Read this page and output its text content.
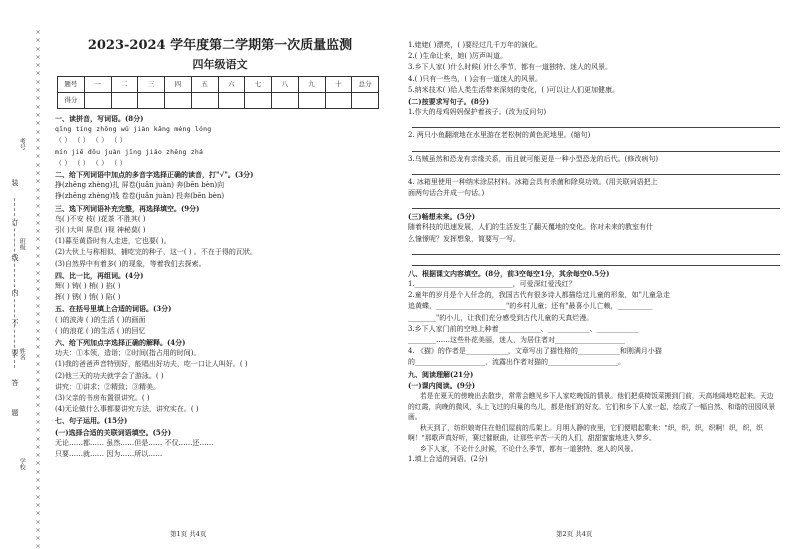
×××××××××××××××××××××××××××××××××××××××××××××××××××××××××××××××
装
订
线
内
不
要
答
题
考号
班级
姓名
学校
2023-2024 学年度第二学期第一次质量监测
四年级语文
题号	一	二	三	四	五	六	七	八	九	十	总分
得分											
一、读拼音，写词语。(8分)
qīng tíng zhōng wǔ jiàn kāng méng lóng
（ ） （ ） （ ） （ ）
mín jiē dǒu juàn jīng jiǎo zhēng zhá
（ ） （ ） （ ） （ ）
二、给下列词语中加点的多音字选择正确的读音，打"√"。(3分)
挣(zhēng zhèng)扎 屏卷(juǎn juàn) 奔(bēn bèn)向
挣(zhēng zhèng)钱 卷卷(juǎn juàn) 投奔(bēn bèn)
三、选下列词语补充完整，再选择填空。(9分)
鸟( )不安 枝( )花茶 不胜其( )
引( )大叫 屏息( )视 神秘莫( )
(1)暮至黄昏时有人走进，它也要( )。
(2)大伙上与称相似，捕吃完的种子，这一( ) 。不在于得的瓦狀。
(3)自然界中有着多( )的现象，等着我们去探索。
四、比一比，再组词。(4分)
辉( ) 铸( ) 梢( ) 掐( )
挥( ) 锈( ) 悄( ) 陷( )
五、在括号里填上合适的词语。(3分)
( )的波涛 ( )的生活 ( )的画面
( )的浪花 ( )的生活 ( )的回忆
六、给下列加点字选择正确的解释。(4分)
功夫：①本领，造诣；②时间(指占用的时间)。
(1)我的爸爸声音特别好，能唱出好功夫，吃一口让人叫好。( )
(2)他三天的功夫就学会了游泳。( )
讲究：①讲求；②精致；③精美。
(3)父亲的书房布置很讲究。( )
(4)无论做什么事都要讲究方法，讲究实在。( )
七、句子运用。(15分)
(一)选择合适的关联词语填空。(5分)
无论……都…… 虽然……但是…… 不仅……还……
只要……就…… 因为……所以……
第1页 共4页
1.姥姥( )漂亮，( )要经过几千万年的演化。
2.( )生命让来，她( )厉声叫道。
3.乡下人家( )什么时候( )什么季节，都有一道独特、迷人的风景。
4.( )只有一些鸟，( )会有一道迷人的风景。
5.纳米技术( )给人类生活带来深刻的变化，( )可以让人们更加健康。
(二)按要求写句子。(8分)
1.作大的母鸡妈妈保护着孩子。(改为反问句)
2. 两只小鱼翻滚地在水里游在老松树的黄色泥地里。(缩句)
3.乌贼虽然和恐龙有亲缘关系，而且就可能更是一种小型恐龙的后代。(修改病句)
4. 冰箱里使用一种纳米涂层材料。冰箱会具有杀菌和除臭功效。(用关联词语把上
面两句话合并成一句话。)
(三)畅想未来。(5分)
随着科技的迅速发展，人们的生活发生了翻天覆地的变化。你对未来的教室有什
么憧憬呢？发挥想象，简要写一写。
八、根据课文内容填空。(8分，前3空每空1分，其余每空0.5分)
1.____________________________，可爱深红爱浅红？
2.童年的岁月是个人仟念的，我国古代有很多诗人都描绘过儿童的形象，如"儿童急走
追黄蝶，____________________"的乡村儿童；还有"最喜小儿亡赖，__________
________"的小儿，让我们充分感受到古代儿童的天真烂漫。
3.乡下人家门前的空地上种着____________、____________、____________
________……这些朴花美丽，迷人，为居住者对____________________
4. 《猫》的作者是____________，文章写出了猫性格的____________和刚满月小猫
的____________________，流露出作者对猫的____________________。
九、阅读理解(21分)
(一)课内阅读。(9分)
若是在夏天的傍晚出去散步，常常会瞧见乡下人家吃晚饭的情景。他们把桌椅饭菜搬到门前，天高地阔地吃起来。天边的红霞，向晚的微风，头上飞过的归巢的鸟儿，都是他们的好友。它们和乡下人家一起，绘成了一幅自然、和谐的田园风景画。
秋天到了，纺织娘寄住在他们屋前的瓜架上。月明人静的夜里，它们便唱起歌来："织，织，织，织啊！织，织，织啊！"那歌声真好听，赛过催眠曲，让那些辛苦一天的人们，甜甜蜜蜜地进入梦乡。
乡下人家，不论什么时候，不论什么季节，都有一道独特、迷人的风景。
1.填上合适的词语。(2分)
第2页 共4页
